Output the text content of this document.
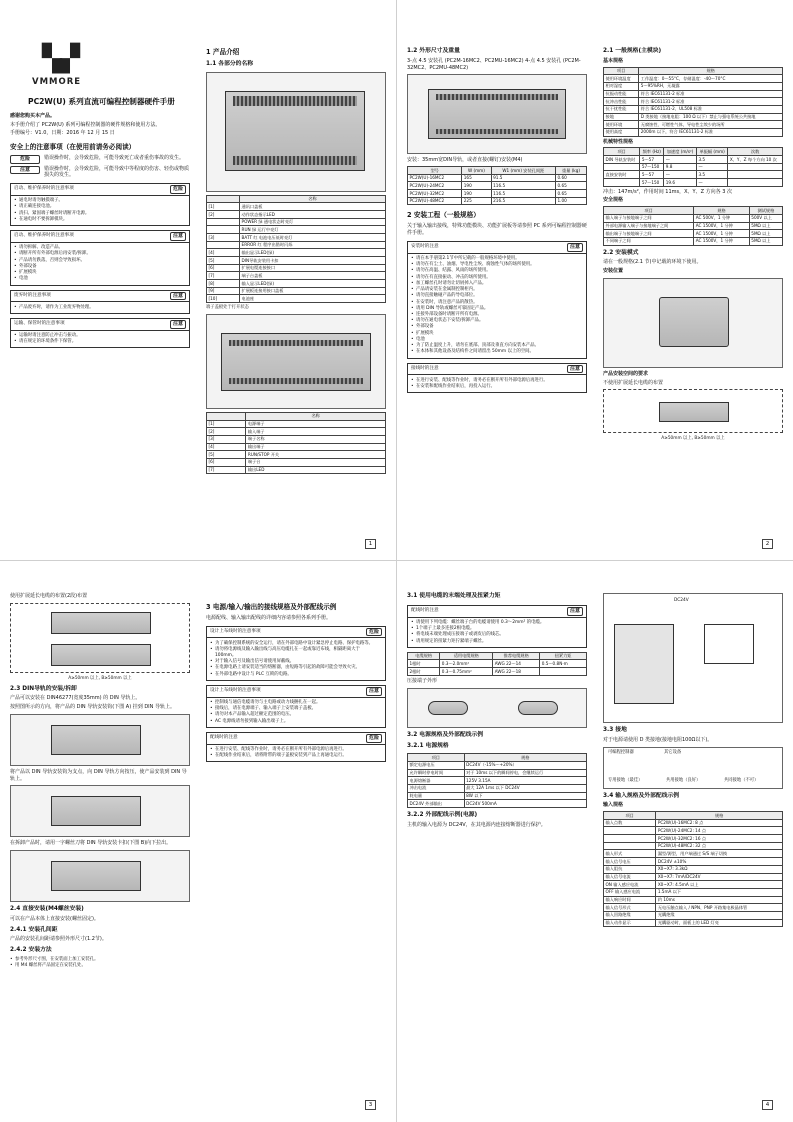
▚▞
VMMORE
PC2W(U) 系列直流可编程控制器硬件手册

感谢您购买本产品。

本手册介绍了 PC2W(U) 系列可编程控制器的硬件规格和使用方法。

手册编号：V1.0，日期：2016 年 12 月 15 日

安全上的注意事项（在使用前请务必阅读）
危险	错误操作时，会导致危险，可能导致死亡或者重伤事故的发生。
注意	错误操作时，会导致危险，可能导致中等程度的伤害、轻伤或物质损失的发生。
启动、维护保养时的注意事项	危险
• 通电时请勿触摸端子。
• 请正确连接电池。
• 清扫、紧固端子螺丝时请断开电源。
• 在通电时不要拆卸模块。
启动、维护保养时的注意事项	注意
• 请勿拆解、改造产品。
• 请断开所有外部电源后再安装/拆卸。
• 产品请勿跌落，否则会导致损坏。
• 外部设备
• 扩展模块
• 电池
废弃时的注意事项	注意
• 产品废弃时，请作为工业废弃物处理。
运输、保管时的注意事项	注意
• 运输时请注意防止冲击与振动。
• 请在规定的环境条件下保管。
1 产品介绍
1.1 各部分的名称
	名称
[1]	通讯口盖板
[2]	动作状态指示LED
	POWER 绿 通电状态时亮灯
	RUN 绿 运行中亮灯
[3]	BATT 红 电池电压低时亮灯
	ERROR 红 程序出错时闪烁
[4]	输出显示LED(绿)
[5]	DIN导轨安装用卡扣
[6]	扩展电缆连接接口
[7]	端子台盖板
[8]	输入显示LED(绿)
[9]	扩展板连接用接口盖板
[10]	电池座
端子盖板处于打开状态
	名称
[1]	电源端子
[2]	输入端子
[3]	端子名称
[4]	输出端子
[5]	RUN/STOP 开关
[6]	端子台
[7]	输出LED
1
1.2 外形尺寸及重量

3-点 4.5 安装孔 (PC2M-16MC2、PC2MU-16MC2) 4-点 4.5 安装孔 (PC2M-32MC2、PC2MU-48MC2)

安装：35mm宽DIN导轨，或者直接(螺钉)安装(M4)

型号	W (mm)	W1 (mm) 安装孔间距	重量 (kg)
PC2W(U)-16MC2	165	91.5	0.60
PC2W(U)-24MC2	190	116.5	0.65
PC2W(U)-32MC2	190	116.5	0.65
PC2W(U)-48MC2	225	216.5	1.00
2 安装工程（一般规格）

关于输入输出接线，特殊功能模块、功能扩展板等请参照 PC 系列可编程控制器硬件手册。

安装时的注意	注意
• 请在本手册第2.1节中所记载的一般规格环境中使用。
• 请勿在有尘土、油烟、导电性尘埃、腐蚀性气体的场所使用。
• 请勿在高温、结露、风雨的场所使用。
• 请勿在有直接振动、冲击的场所使用。
• 加工螺丝孔时请勿让切屑掉入产品。
• 产品请安装在金属制控制柜内。
• 请勿直接触碰产品的导电部位。
• 在安装时，请注意产品的散热。
• 请用 DIN 导轨或螺丝可靠固定产品。
• 连接外部设备时请断开所有电源。
• 请勿在通电状态下安装/拆卸产品。
• 外部设备
• 扩展模块
• 电池
• 为了防止温度上升，请勿在底部、顶部及垂直方向安装本产品。
• 在本体和其他设备及结构件之间请留出 50mm 以上的空间。
接线时的注意	注意
• 在进行安装、配线等作业时，请务必在断开所有外部电源后再进行。
• 在安装和配线作业结束后，再投入运行。
2.1 一般规格(主模块)
基本规格
项目	规格
使用环境温度	工作温度：0～55°C，存储温度：-40～70°C
相对湿度	5～95%RH，无凝露
抗振动性能	符合 IEC61131-2 标准
抗冲击性能	符合 IEC61131-2 标准
抗干扰性能	符合 IEC61131-2、UL508 标准
接地	D 类接地（接地电阻：100 Ω 以下）禁止与强电系统公共接地
使用环境	无腐蚀性、可燃性气体，导电性尘埃少的场所
使用高度	2000m 以下，符合 IEC61131-2 标准
机械特性规格
项目	频率 (Hz)	加速度 (m/s²)	单振幅 (mm)	次数
DIN 导轨安装时	5～57	—	3.5	X、Y、Z 每个方向 10 次
	57～150	9.8	—	
直接安装时	5～57	—	3.5	
	57～150	19.6	—	

冲击：147m/s²，作用时间 11ms，X、Y、Z 方向各 3 次

安全规格
项目	规格	测试规格
输入端子与接地端子之间	AC 500V，1 分钟	500V 以上
外部电源输入端子与接地端子之间	AC 1500V，1 分钟	5MΩ 以上
输出端子与接地端子之间	AC 1500V，1 分钟	5MΩ 以上
不同端子之间	AC 1500V，1 分钟	5MΩ 以上
2.2 安装模式

请在一般规格(2.1 节)中记载的环境下使用。

安装位置

产品安装空间的要求

不使用扩展延长电缆的布置

A≥50mm 以上, B≥50mm 以上
2

使用扩展延长电缆的布置(2段)布置

A≥50mm 以上, B≥50mm 以上
2.3 DIN导轨的安装/拆卸

产品可以安装在 DIN46277(宽度35mm) 的 DIN 导轨上。

按照图所示的方向，将产品的 DIN 导轨安装钩(下图 A) 挂到 DIN 导轨上。

将产品以 DIN 导轨安装钩为支点，向 DIN 导轨方向按压，使产品安装到 DIN 导轨上。

在拆卸产品时，请用一字螺丝刀将 DIN 导轨安装卡扣(下图 B)向下拉出。

2.4 直接安装(M4螺丝安装)

可以在产品本体上直接安装(螺丝固定)。

2.4.1 安装孔间距

产品的安装孔间距请参照外形尺寸(1.2节)。

2.4.2 安装方法
• 参考外形尺寸图，在安装面上加工安装孔。
• 用 M4 螺丝将产品固定在安装孔处。
3 电源/输入/输出的接线规格及外部配线示例

电源配线、输入输出配线的详细内容请参照各系列手册。

设计上布线时的注意事项	危险
• 为了确保控制系统的安全运行，请在外部电路中设计紧急停止电路、保护电路等。
• 请勿将电源线及输入输出线与高压电缆扎在一起或靠近布线，相隔距离大于 100mm。
• 对于输入信号及输出信号请使用屏蔽线。
• 在电源电路上请安装适当的熔断器，由短路等引起的故障可能会导致火灾。
• 在外部电路中设计与 PLC 互锁的电路。
设计上布线时的注意事项	注意
• 控制线与通信电缆请勿与主电路或动力线捆扎在一起。
• 接线后，请在电源端子、输入端子上安装端子盖板。
• 请勿对本产品输入超过额定范围的电压。
• AC 电源线请勿接到输入输出端子上。
配线时的注意	危险
• 在进行安装、配线等作业时，请务必在断开所有外部电源后再进行。
• 在配线作业结束后，请将附带的端子盖板安装到产品上再通电运行。
3
3.1 使用电缆的末端处理及扭紧力矩
配线时的注意	注意
• 请使用下列电缆：螺丝端子台的电缆请使用 0.3～2mm² 的电缆。
• 1个端子上最多连接2根电缆。
• 将电线末端处理成压接端子或剥皮后的线芯。
• 请用规定的扭紧力矩拧紧端子螺丝。
电缆规格	适用电缆规格	推荐电缆规格	扭紧力矩
1根时	0.3～2.0mm²	AWG 22～14	0.5～0.8N·m
2根时	0.3～0.75mm²	AWG 22～18	

压接端子外形

3.2 电源规格及外部配线示例
3.2.1 电源规格
项目	规格
额定电源电压	DC24V（-15%～+20%）
允许瞬时停电时间	对于 10ms 以下的瞬间停电，会继续运行
电源熔断器	125V 3.15A
冲击电流	最大 12A 1ms 以下 DC24V
耗电量	8W 以下
DC24V 外部输出	DC24V 500mA
3.2.2 外部配线示例(电源)

主机的输入电源为 DC24V，在其电源内连接熔断器进行保护。

DC24V
3.3 接地

对于电源请使用 D 类接地(接地电阻100Ω以下)。

可编程控制器	其它设备
专用接地（最佳）	共用接地（良好）	共同接地（不可）
3.4 输入规格及外部配线示例
输入规格
项目	规格
输入点数	PC2W(U)-16MC2: 8 点
	PC2W(U)-24MC2: 14 点
	PC2W(U)-32MC2: 16 点
	PC2W(U)-48MC2: 32 点
输入形式	漏型/源型，用户端通过 S/S 端子切换
输入信号电压	DC24V ±10%
输入阻抗	X0~X7: 3.3kΩ
输入信号电流	X0~X7: 7mA/DC24V
ON 输入感应电流	X0~X7: 4.5mA 以上
OFF 输入感应电流	1.5mA 以下
输入响应时间	约 10ms
输入信号形式	无电压触点输入 / NPN、PNP 开路集电极晶体管
输入回路绝缘	光耦绝缘
输入动作显示	光耦驱动时，面板上的 LED 灯亮
4
